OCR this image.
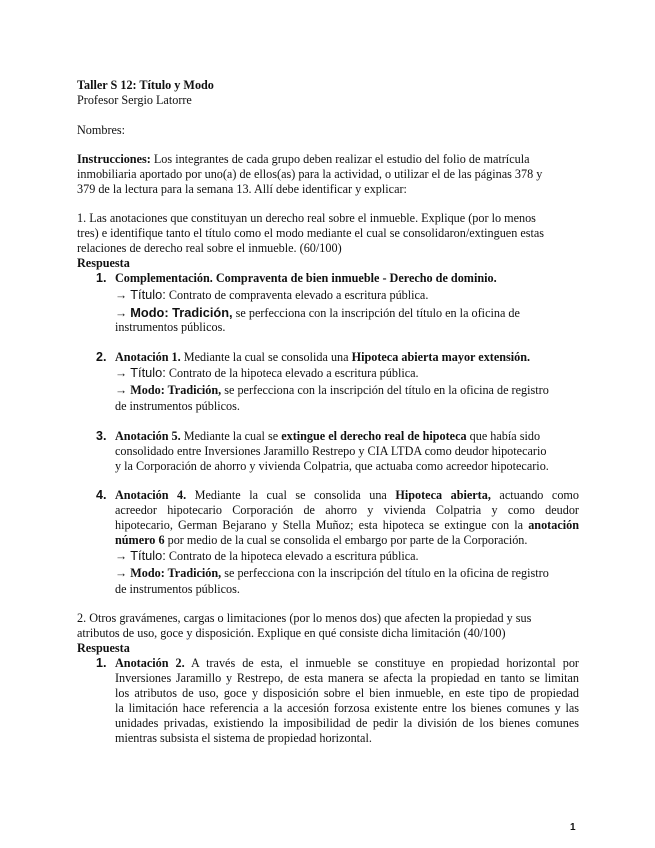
Taller S 12: Título y Modo
Profesor Sergio Latorre
Nombres:
Instrucciones: Los integrantes de cada grupo deben realizar el estudio del folio de matrícula
inmobiliaria aportado por uno(a) de ellos(as) para la actividad, o utilizar el de las páginas 378 y
379 de la lectura para la semana 13. Allí debe identificar y explicar:
1. Las anotaciones que constituyan un derecho real sobre el inmueble. Explique (por lo menos
tres) e identifique tanto el título como el modo mediante el cual se consolidaron/extinguen estas
relaciones de derecho real sobre el inmueble. (60/100)
Respuesta
1. Complementación. Compraventa de bien inmueble - Derecho de dominio.
→ Título: Contrato de compraventa elevado a escritura pública.
→ Modo: Tradición, se perfecciona con la inscripción del título en la oficina de
instrumentos públicos.
2. Anotación 1. Mediante la cual se consolida una Hipoteca abierta mayor extensión.
→ Título: Contrato de la hipoteca elevado a escritura pública.
→ Modo: Tradición, se perfecciona con la inscripción del título en la oficina de registro
de instrumentos públicos.
3. Anotación 5. Mediante la cual se extingue el derecho real de hipoteca que había sido
consolidado entre Inversiones Jaramillo Restrepo y CIA LTDA como deudor hipotecario
y la Corporación de ahorro y vivienda Colpatria, que actuaba como acreedor hipotecario.
4. Anotación 4. Mediante la cual se consolida una Hipoteca abierta, actuando como
acreedor hipotecario Corporación de ahorro y vivienda Colpatria y como deudor
hipotecario, German Bejarano y Stella Muñoz; esta hipoteca se extingue con la anotación
número 6 por medio de la cual se consolida el embargo por parte de la Corporación.
→ Título: Contrato de la hipoteca elevado a escritura pública.
→ Modo: Tradición, se perfecciona con la inscripción del título en la oficina de registro
de instrumentos públicos.
2. Otros gravámenes, cargas o limitaciones (por lo menos dos) que afecten la propiedad y sus
atributos de uso, goce y disposición. Explique en qué consiste dicha limitación (40/100)
Respuesta
1. Anotación 2. A través de esta, el inmueble se constituye en propiedad horizontal por
Inversiones Jaramillo y Restrepo, de esta manera se afecta la propiedad en tanto se limitan
los atributos de uso, goce y disposición sobre el bien inmueble, en este tipo de propiedad
la limitación hace referencia a la accesión forzosa existente entre los bienes comunes y las
unidades privadas, existiendo la imposibilidad de pedir la división de los bienes comunes
mientras subsista el sistema de propiedad horizontal.
1
